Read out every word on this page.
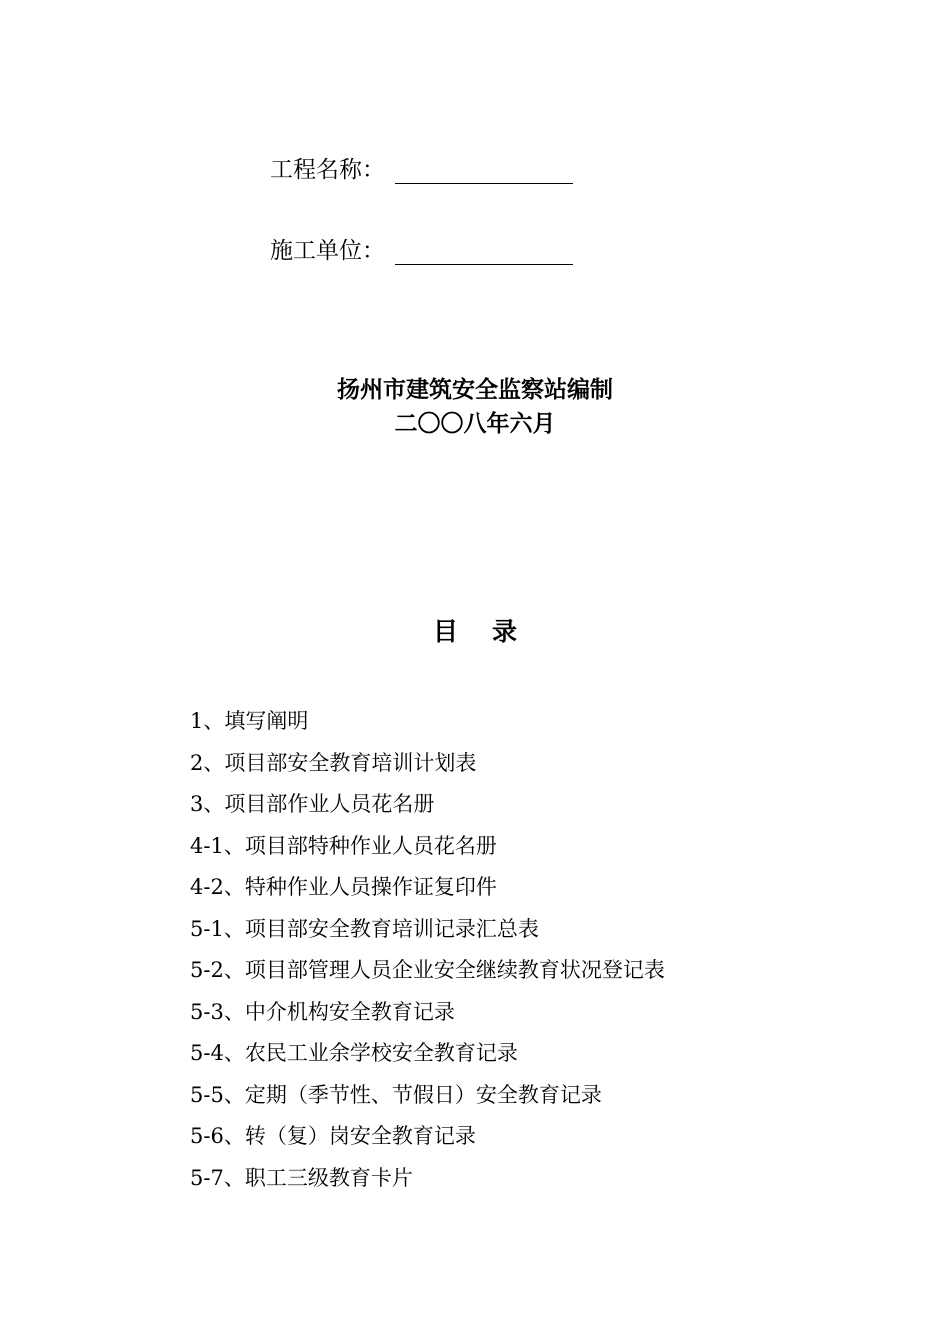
工程名称：
施工单位：
扬州市建筑安全监察站编制
二〇〇八年六月
目录
1、填写阐明
2、项目部安全教育培训计划表
3、项目部作业人员花名册
4-1、项目部特种作业人员花名册
4-2、特种作业人员操作证复印件
5-1、项目部安全教育培训记录汇总表
5-2、项目部管理人员企业安全继续教育状况登记表
5-3、中介机构安全教育记录
5-4、农民工业余学校安全教育记录
5-5、定期（季节性、节假日）安全教育记录
5-6、转（复）岗安全教育记录
5-7、职工三级教育卡片
